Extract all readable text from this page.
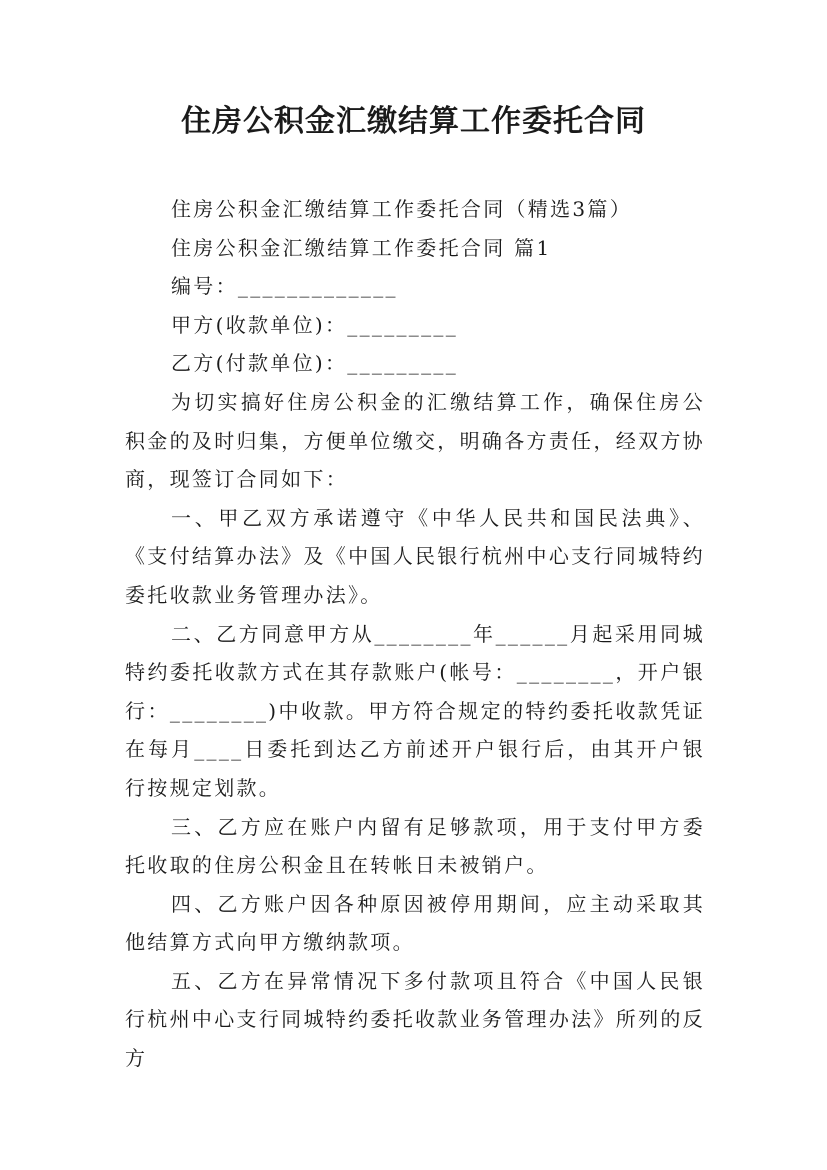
住房公积金汇缴结算工作委托合同
住房公积金汇缴结算工作委托合同（精选3篇）
住房公积金汇缴结算工作委托合同 篇1
编号：_____________
甲方(收款单位)：_________
乙方(付款单位)：_________

为切实搞好住房公积金的汇缴结算工作，确保住房公积金的及时归集，方便单位缴交，明确各方责任，经双方协商，现签订合同如下：

一、甲乙双方承诺遵守《中华人民共和国民法典》、《支付结算办法》及《中国人民银行杭州中心支行同城特约委托收款业务管理办法》。

二、乙方同意甲方从________年______月起采用同城特约委托收款方式在其存款账户(帐号：________，开户银行：________)中收款。甲方符合规定的特约委托收款凭证在每月____日委托到达乙方前述开户银行后，由其开户银行按规定划款。

三、乙方应在账户内留有足够款项，用于支付甲方委托收取的住房公积金且在转帐日未被销户。

四、乙方账户因各种原因被停用期间，应主动采取其他结算方式向甲方缴纳款项。

五、乙方在异常情况下多付款项且符合《中国人民银行杭州中心支行同城特约委托收款业务管理办法》所列的反方
